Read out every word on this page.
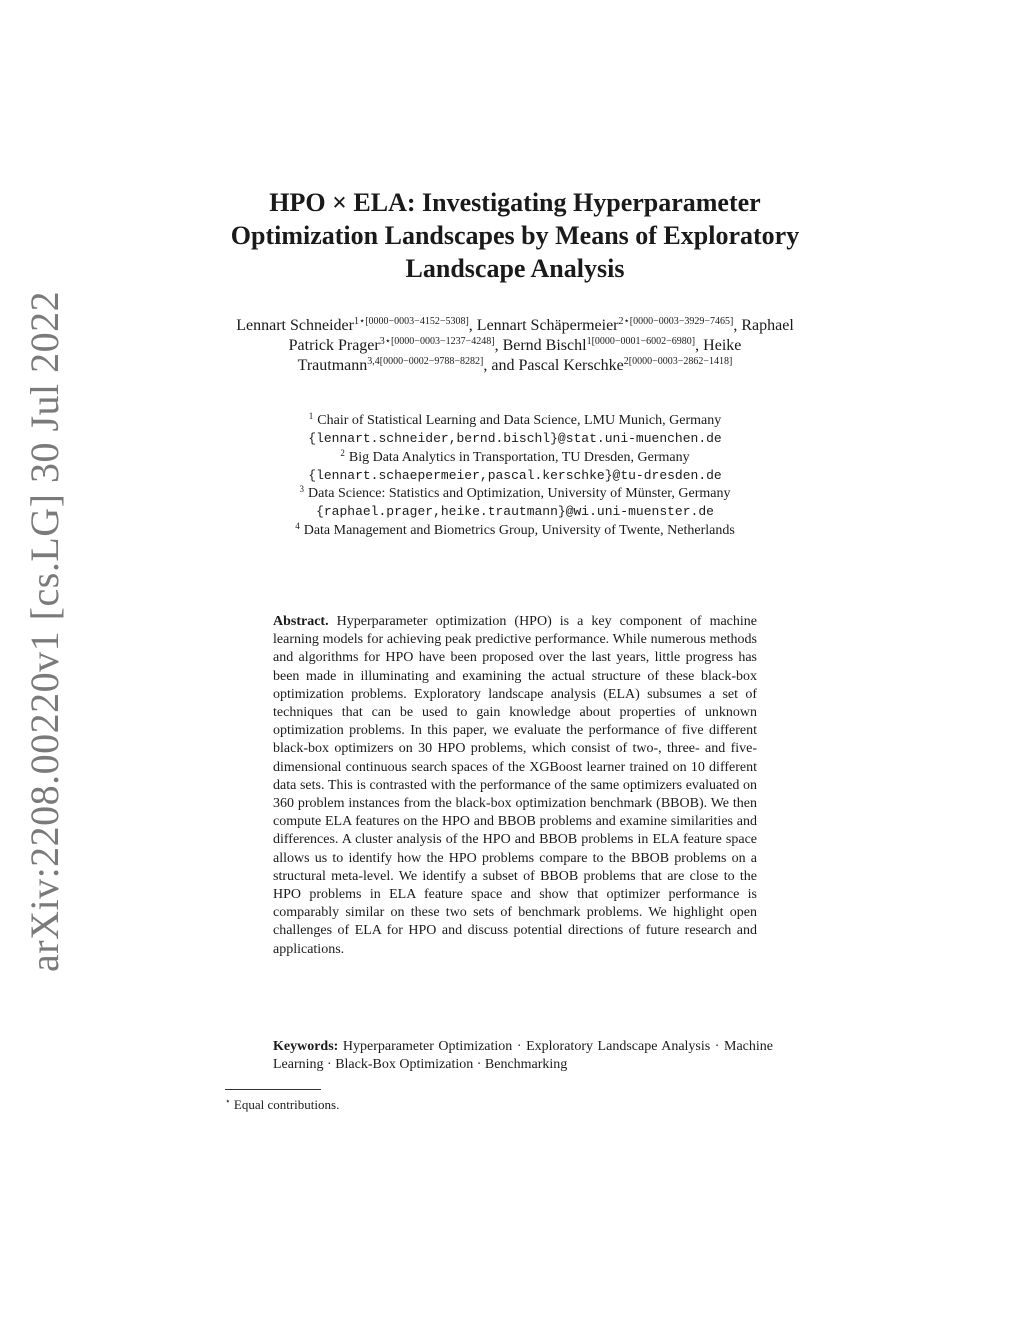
arXiv:2208.00220v1 [cs.LG] 30 Jul 2022
HPO × ELA: Investigating Hyperparameter Optimization Landscapes by Means of Exploratory Landscape Analysis
Lennart Schneider$^{1⋆[0000-0003-4152-5308]}$, Lennart Schäpermeier$^{2⋆[0000-0003-3929-7465]}$, Raphael Patrick Prager$^{3⋆[0000-0003-1237-4248]}$, Bernd Bischl$^{1[0000-0001-6002-6980]}$, Heike Trautmann$^{3,4[0000-0002-9788-8282]}$, and Pascal Kerschke$^{2[0000-0003-2862-1418]}$
$^1$ Chair of Statistical Learning and Data Science, LMU Munich, Germany
{lennart.schneider,bernd.bischl}@stat.uni-muenchen.de
$^2$ Big Data Analytics in Transportation, TU Dresden, Germany
{lennart.schaepermeier,pascal.kerschke}@tu-dresden.de
$^3$ Data Science: Statistics and Optimization, University of Münster, Germany
{raphael.prager,heike.trautmann}@wi.uni-muenster.de
$^4$ Data Management and Biometrics Group, University of Twente, Netherlands
Abstract. Hyperparameter optimization (HPO) is a key component of machine learning models for achieving peak predictive performance. While numerous methods and algorithms for HPO have been proposed over the last years, little progress has been made in illuminating and examining the actual structure of these black-box optimization problems. Exploratory landscape analysis (ELA) subsumes a set of techniques that can be used to gain knowledge about properties of unknown optimization problems. In this paper, we evaluate the performance of five different black-box optimizers on 30 HPO problems, which consist of two-, three- and five-dimensional continuous search spaces of the XGBoost learner trained on 10 different data sets. This is contrasted with the performance of the same optimizers evaluated on 360 problem instances from the black-box optimization benchmark (BBOB). We then compute ELA features on the HPO and BBOB problems and examine similarities and differences. A cluster analysis of the HPO and BBOB problems in ELA feature space allows us to identify how the HPO problems compare to the BBOB problems on a structural meta-level. We identify a subset of BBOB problems that are close to the HPO problems in ELA feature space and show that optimizer performance is comparably similar on these two sets of benchmark problems. We highlight open challenges of ELA for HPO and discuss potential directions of future research and applications.
Keywords: Hyperparameter Optimization · Exploratory Landscape Analysis · Machine Learning · Black-Box Optimization · Benchmarking
⋆ Equal contributions.
